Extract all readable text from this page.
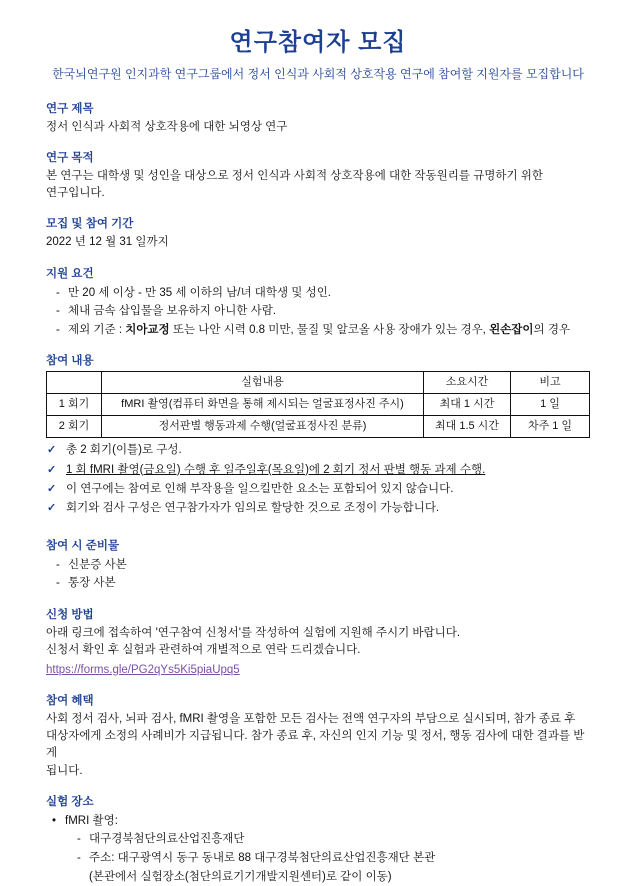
연구참여자 모집
한국뇌연구원 인지과학 연구그룹에서 정서 인식과 사회적 상호작용 연구에 참여할 지원자를 모집합니다
연구 제목
정서 인식과 사회적 상호작용에 대한 뇌영상 연구
연구 목적
본 연구는 대학생 및 성인을 대상으로 정서 인식과 사회적 상호작용에 대한 작동원리를 규명하기 위한
연구입니다.
모집 및 참여 기간
2022 년 12 월 31 일까지
지원 요건
- 만 20 세 이상 - 만 35 세 이하의 남/녀 대학생 및 성인.
- 체내 금속 삽입물을 보유하지 아니한 사람.
- 제외 기준 : 치아교정 또는 나안 시력 0.8 미만, 물질 및 알코올 사용 장애가 있는 경우, 왼손잡이의 경우
참여 내용
	실험내용	소요시간	비고
1 회기	fMRI 촬영(컴퓨터 화면을 통해 제시되는 얼굴표정사진 주시)	최대 1 시간	1 일
2 회기	정서판별 행동과제 수행(얼굴표정사진 분류)	최대 1.5 시간	차주 1 일
✓ 총 2 회기(이틀)로 구성.
✓ 1 회 fMRI 촬영(금요일) 수행 후 일주일후(목요일)에 2 회기 정서 판별 행동 과제 수행.
✓ 이 연구에는 참여로 인해 부작용을 일으킬만한 요소는 포함되어 있지 않습니다.
✓ 회기와 검사 구성은 연구참가자가 임의로 할당한 것으로 조정이 가능합니다.
참여 시 준비물
- 신분증 사본
- 통장 사본
신청 방법
아래 링크에 접속하여 '연구참여 신청서'를 작성하여 실험에 지원해 주시기 바랍니다.
신청서 확인 후 실험과 관련하여 개별적으로 연락 드리겠습니다.
https://forms.gle/PG2qYs5Ki5piaUpq5
참여 혜택
사회 정서 검사, 뇌파 검사, fMRI 촬영을 포함한 모든 검사는 전액 연구자의 부담으로 실시되며, 참가 종료 후
대상자에게 소정의 사례비가 지급됩니다. 참가 종료 후, 자신의 인지 기능 및 정서, 행동 검사에 대한 결과를 받게
됩니다.
실험 장소
• fMRI 촬영:
- 대구경북첨단의료산업진흥재단
- 주소: 대구광역시 동구 동내로 88 대구경북첨단의료산업진흥재단 본관
(본관에서 실험장소(첨단의료기기개발지원센터)로 같이 이동)
